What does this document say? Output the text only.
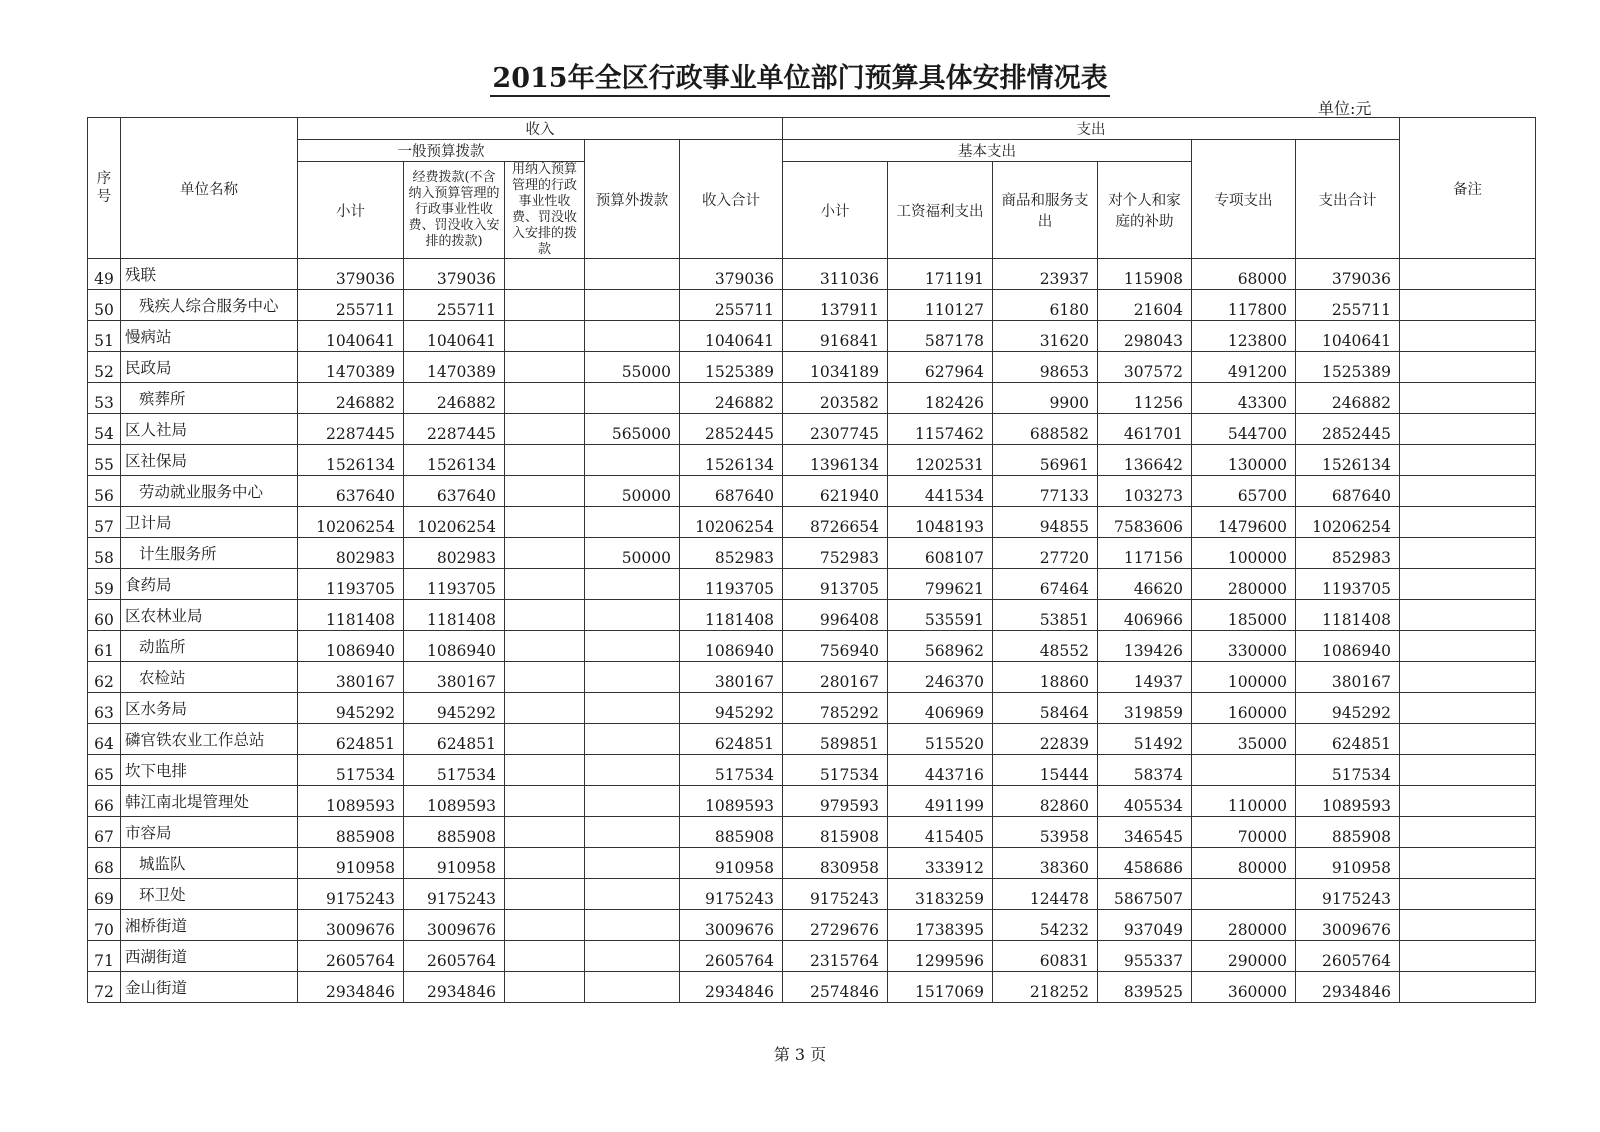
2015年全区行政事业单位部门预算具体安排情况表
单位:元
序号	单位名称	收入					支出						备注
		一般预算拨款			预算外拨款	收入合计	基本支出				专项支出	支出合计	
		小计	经费拨款(不含纳入预算管理的行政事业性收费、罚没收入安排的拨款)	用纳入预算管理的行政事业性收费、罚没收入安排的拨款			小计	工资福利支出	商品和服务支出	对个人和家庭的补助			
49	残联	379036	379036			379036	311036	171191	23937	115908	68000	379036	
50	残疾人综合服务中心	255711	255711			255711	137911	110127	6180	21604	117800	255711	
51	慢病站	1040641	1040641			1040641	916841	587178	31620	298043	123800	1040641	
52	民政局	1470389	1470389		55000	1525389	1034189	627964	98653	307572	491200	1525389	
53	殡葬所	246882	246882			246882	203582	182426	9900	11256	43300	246882	
54	区人社局	2287445	2287445		565000	2852445	2307745	1157462	688582	461701	544700	2852445	
55	区社保局	1526134	1526134			1526134	1396134	1202531	56961	136642	130000	1526134	
56	劳动就业服务中心	637640	637640		50000	687640	621940	441534	77133	103273	65700	687640	
57	卫计局	10206254	10206254			10206254	8726654	1048193	94855	7583606	1479600	10206254	
58	计生服务所	802983	802983		50000	852983	752983	608107	27720	117156	100000	852983	
59	食药局	1193705	1193705			1193705	913705	799621	67464	46620	280000	1193705	
60	区农林业局	1181408	1181408			1181408	996408	535591	53851	406966	185000	1181408	
61	动监所	1086940	1086940			1086940	756940	568962	48552	139426	330000	1086940	
62	农检站	380167	380167			380167	280167	246370	18860	14937	100000	380167	
63	区水务局	945292	945292			945292	785292	406969	58464	319859	160000	945292	
64	磷官铁农业工作总站	624851	624851			624851	589851	515520	22839	51492	35000	624851	
65	坎下电排	517534	517534			517534	517534	443716	15444	58374		517534	
66	韩江南北堤管理处	1089593	1089593			1089593	979593	491199	82860	405534	110000	1089593	
67	市容局	885908	885908			885908	815908	415405	53958	346545	70000	885908	
68	城监队	910958	910958			910958	830958	333912	38360	458686	80000	910958	
69	环卫处	9175243	9175243			9175243	9175243	3183259	124478	5867507		9175243	
70	湘桥街道	3009676	3009676			3009676	2729676	1738395	54232	937049	280000	3009676	
71	西湖街道	2605764	2605764			2605764	2315764	1299596	60831	955337	290000	2605764	
72	金山街道	2934846	2934846			2934846	2574846	1517069	218252	839525	360000	2934846	
第 3 页
